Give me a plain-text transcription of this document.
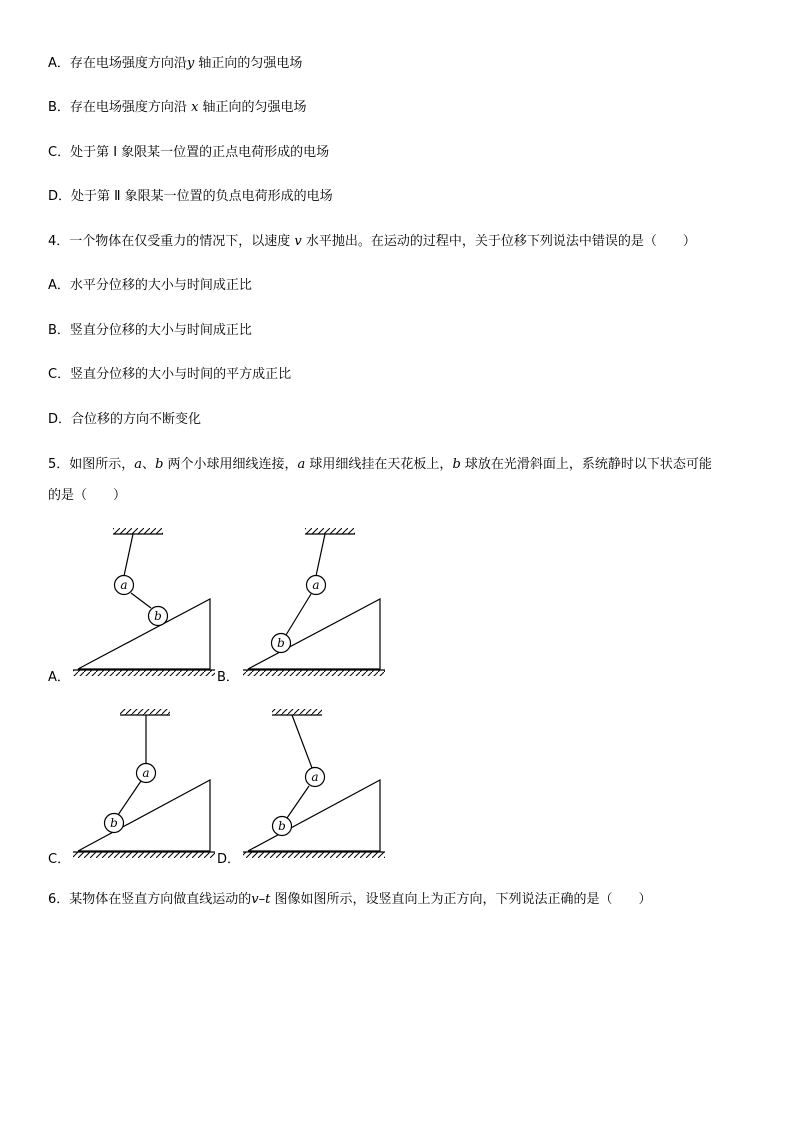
A．存在电场强度方向沿y 轴正向的匀强电场
B．存在电场强度方向沿 x 轴正向的匀强电场
C．处于第 Ⅰ 象限某一位置的正点电荷形成的电场
D．处于第 Ⅱ 象限某一位置的负点电荷形成的电场
4．一个物体在仅受重力的情况下，以速度 v 水平抛出。在运动的过程中，关于位移下列说法中错误的是（　　）
A．水平分位移的大小与时间成正比
B．竖直分位移的大小与时间成正比
C．竖直分位移的大小与时间的平方成正比
D．合位移的方向不断变化
5．如图所示，a、b 两个小球用细线连接，a 球用细线挂在天花板上，b 球放在光滑斜面上，系统静时以下状态可能
的是（　　）
A．	B．
C．	D．
a
b
a
b
a
b
a
b
6．某物体在竖直方向做直线运动的v–t 图像如图所示，设竖直向上为正方向，下列说法正确的是（　　）
